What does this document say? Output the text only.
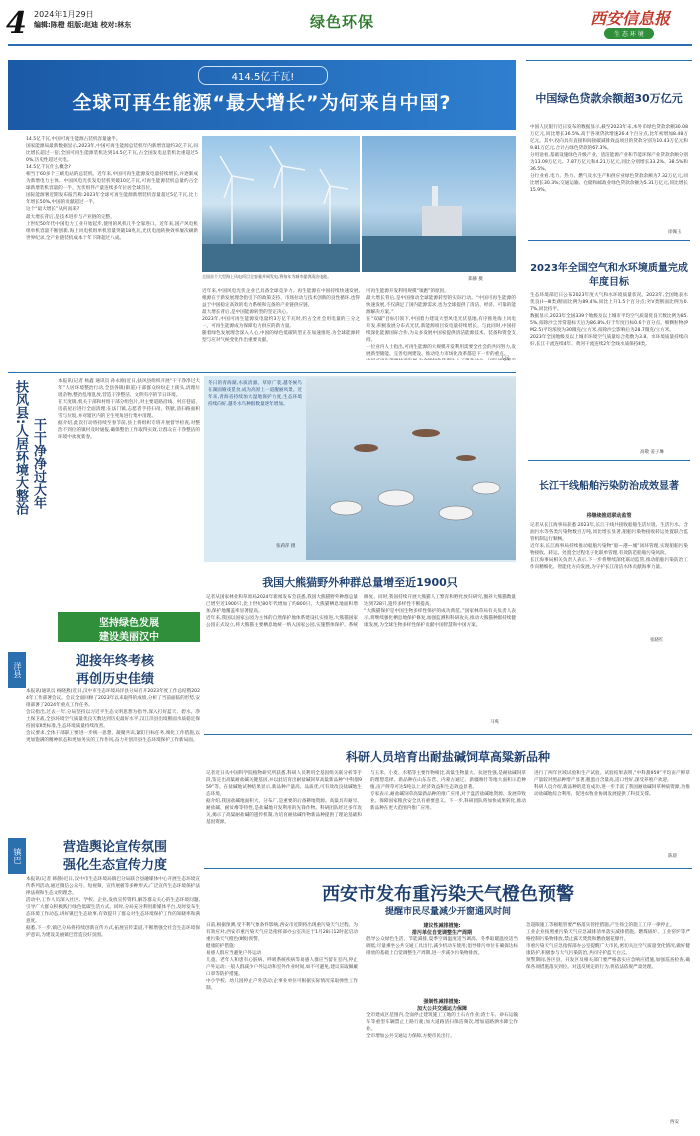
4 2024年1月29日
编辑:陈橙 组版:赵迪 校对:林东	绿色环保	西安信息报
生 态 环 境
414.5亿千瓦!
全球可再生能源“最大增长”为何来自中国?
14.5亿千瓦,中国可再生能源占装机容量逾半。
国家能源局最新数据显示,2023年,中国可再生能源总装机年内新增容量约3亿千瓦,同比增长超过一倍;全国可再生能源装机达到14.5亿千瓦,占全国发电总装机比重超过50%,历史性超过火电。
14.5亿千瓦什么概念?
相当于60多个三峡电站的总装机。近年来,中国可再生能源发电量持续增长,并逐渐成为新增电力主体。中国风电光伏发电装机突破10亿千瓦,可再生能源装机总量约占全球新增装机容量的一半。光伏组件产量连续多年位居全球首位。
国际能源署近期发布报告称:2023年全球可再生能源新增装机容量超过5亿千瓦,比上年增长50%,中国的贡献超过一半。
这个“最大增长”从何而来?
最大增长背后,是技术进步与产业链的完整。
上世纪50年代中国电力工业开始起步,使用的风机几乎全靠进口。近年来,国产风电机组单机容量不断创新,海上风电机组单机容量突破18兆瓦,光伏电池转换效率屡次刷新世界纪录,全产业链装机成本十年下降超过八成。
全国首个大型海上风电项目全容量并网发电,将每年为城市提供清洁电能。
郑赫 摄
近年来,中国风电光伏企业已具备全球竞争力。再生能源在中国持续快速发展,根源在于新发展理念指引下的政策支持、市场拉动与技术创新的良性循环,也得益于中国稳定高效的电力系统和完备的产业链供应链。
最大增长背后,是中国能源转型的坚定决心。
2023年,中国可再生能源发电量约3万亿千瓦时,约占全社会用电量的三分之一。可再生能源成为保障电力供应的新力量。
随着绿色发展理念深入人心,中国的绿色低碳转型正在加速推进,为全球能源转型与应对气候变化作出重要贡献。
可再生能源开发利用规模“领跑”的原因。
最大增长背后,是中国推动全球能源转型的实际行动。“中国可再生能源的快速发展,不仅满足了国内能源需求,也为全球提供了清洁、经济、可靠的能源解决方案。”
在“双碳”目标引领下,中国着力建设大型风电光伏基地,有序推进海上风电开发,积极发展分布式光伏,新能源项目发电量持续增长。与此同时,中国持续深化能源国际合作,为众多发展中国家提供清洁能源技术、装备和资金支持。
一位业内人士指出,可再生能源的大规模开发利用需要全社会的共同努力,发展新型储能、完善电网建设、推动电力市场化改革都是下一步的重点。

人民
中国绿色贷款余额超30万亿元
中国人民银行近日发布的数据显示,截至2023年末,本外币绿色贷款余额30.08万亿元,同比增长36.5%,高于各项贷款增速26.4个百分点,比年初增加8.48万亿元。其中,投向具有直接和间接碳减排效益项目的贷款分别为10.43万亿元和9.81万亿元,合计占绿色贷款的67.3%。
分用途看,基础设施绿色升级产业、清洁能源产业和节能环保产业贷款余额分别为13.09万亿元、7.87万亿元和4.21万亿元,同比分别增长33.2%、38.5%和36.5%。
分行业看,电力、热力、燃气及水生产和供应业绿色贷款余额为7.32万亿元,同比增长30.3%;交通运输、仓储和邮政业绿色贷款余额为5.31万亿元,同比增长15.9%。
徐佩玉
2023年全国空气和水环境质量完成年度目标
生态环境部近日公布2023年度大气和水环境质量状况。2023年,全国地表水优良(Ⅰ—Ⅲ类)断面比例为89.4%,同比上升1.5个百分点;劣Ⅴ类断面比例为0.7%,同比持平。
数据显示,2023年全国339个地级及以上城市平均空气质量优良天数比例为85.5%,扣除沙尘异常超标天后为86.8%,好于年度目标0.6个百分点。细颗粒物(PM2.5)平均浓度为30微克/立方米,扣除沙尘影响后为28.7微克/立方米。
2023年全国地级及以上城市环境空气质量综合指数为3.8。水环境质量持续向好,长江干流连续4年、黄河干流连续2年全线水质保持Ⅱ类。
高敬 姜子琳
长江干线船舶污染防治成效显著
将继续推进联动监管
记者从长江海事局获悉:2023年,长江干线共接收船舶生活垃圾、生活污水、含油污水等各类污染物数百万吨,同比增长显著,船舶污染物接收转运处置联合监管机制运行顺畅。
近年来,长江海事局持续推动船舶污染物“船—港—城”闭环管理,实现船舶污染物接收、转运、处置全过程电子化联单管理,有效防范船舶污染风险。
长江海事局相关负责人表示,下一步将继续深化联动监管,推动船舶污染防治工作向精细化、智能化方向发展,为守护长江清洁水体贡献海事力量。
张晓红
扶风县:人居环境大整治 干干净净过大年
本报讯(记者 杨鑫 通讯员 孙永刚)近日,扶风县组织开展“干干净净过大年”人居环境整治行动,全县各镇(街道)干部群众纷纷走上街头,清理垃圾杂物,整治乱堆乱放,营造干净整洁、文明有序的节日环境。
在天度镇,机关干部和村组干部分组包片,对主要道路沿线、村庄巷道、房前屋后进行全面清理;在法门镇,志愿者手持扫帚、铁锨,清扫路面积雪与垃圾,并对辖区内的卫生死角进行集中清理。
据介绍,此次行动将持续至春节前,县上将组织专班开展督导检查,对整治不到位的镇村及时通报,确保整治工作取得实效,让群众在干净整洁的环境中欢度新春。
冬日的青海湖,水质清澈、草原广袤,越冬候鸟在湖面嬉戏觅食,成为高原上一道靓丽风景。近年来,青海省持续加大湿地保护力度,生态环境持续向好,越冬水鸟种群数量逐年增加。
张莉萍 摄
我国大熊猫野外种群总量增至近1900只
记者从国家林业和草原局2024年新闻发布会获悉,我国大熊猫野外种群总量已增至近1900只,比上世纪80年代增加了约800只。大熊猫栖息地面积增加,保护地覆盖率显著提高。
近年来,我国以国家公园为主体的自然保护地体系建设扎实推进,大熊猫国家公园正式设立,将大熊猫主要栖息地统一纳入国家公园,实施整体保护、系统修复。同时,我国持续开展大熊猫人工繁育和野化放归研究,圈养大熊猫数量达到728只,遗传多样性不断提高。
“大熊猫保护是中国生物多样性保护的成功典范。”国家林草局有关负责人表示,将继续强化栖息地保护修复,加强监测和科研攻关,推动大熊猫种群持续健康发展,为全球生物多样性保护贡献中国智慧和中国方案。
马爽
坚持绿色发展
建设美丽汉中
洋县
迎接年终考核
再创历史佳绩
本报讯(通讯员 杨晓燕)近日,汉中市生态环境局洋县分局召开2023年度工作总结暨2024年工作部署会议。会议全面回顾了2023年以来取得的成绩,分析了当前面临的形势,安排部署了2024年重点工作任务。
会议指出,过去一年,分局坚持以习近平生态文明思想为指导,深入打好蓝天、碧水、净土保卫战,全县环境空气质量优良天数达到历史最好水平,汉江洋县出境断面水质稳定保持国家Ⅱ类标准,生态环境质量持续改善。
会议要求,全体干部职工要进一步统一思想、凝聚共识,紧盯目标任务,细化工作措施,以更加饱满的精神状态和更加务实的工作作风,奋力开创洋县生态环境保护工作新局面。
镇巴
营造舆论宣传氛围
强化生态宣传力度
本报讯(记者 韩静)近日,汉中市生态环境局镇巴分局联合县融媒体中心开展生态环境宣传系列活动,通过微信公众号、短视频、宣传展板等多种形式,广泛宣传生态环境保护法律法规和生态文明理念。
活动中,工作人员深入社区、学校、企业,发放宣传资料,解答群众关心的生态环境问题,引导广大群众积极践行绿色低碳生活方式。同时,分局充分利用新媒体平台,及时发布生态环境工作动态,讲好镇巴生态故事,有效提升了群众对生态环境保护工作的知晓率和满意度。
据悉,下一步,镇巴分局将持续创新宣传方式,拓展宣传渠道,不断增强全社会生态环境保护意识,为建设美丽镇巴营造良好氛围。
科研人员培育出耐盐碱饲草高粱新品种
记者近日从中国科学院植物研究所获悉,科研人员利用全基因组关联分析等手段,鉴定出高粱耐盐碱关键基因,并以此培育出耐盐碱饲草高粱新品种“中科甜959”等。在盐碱地试种结果显示,新品种产量高、品质优,可有效改良盐碱地生态环境。
据介绍,我国盐碱地面积大、分布广,是重要的后备耕地资源。高粱具有耐旱、耐盐碱、耐贫瘠等特性,是盐碱地开发利用的先锋作物。科研团队经过多年攻关,揭示了高粱耐盐碱的遗传机制,为培育耐盐碱作物新品种提供了理论基础和基因资源。
与玉米、小麦、水稻等主要作物相比,高粱生物量大、抗逆性强,是耐盐碱饲草的理想选择。新品种在山东东营、内蒙古通辽、新疆喀什等地大面积示范种植,亩产鲜草可达5吨以上,经济效益和生态效益显著。
专家表示,耐盐碱饲草高粱新品种的推广应用,对于盘活盐碱地资源、发展草牧业、保障国家粮食安全具有重要意义。下一步,科研团队将加快成果转化,推动新品种在更大范围内推广应用。
进行了两年区域试验和生产试验。试验结果表明,“中科甜959”平均亩产鲜草产量较对照品种增产显著,粗蛋白含量高,适口性好,深受养殖户欢迎。
科研人员介绍,新品种的选育成功,进一步丰富了我国耐盐碱饲草种质资源,为推动盐碱地综合利用、促进农牧业协调发展提供了科技支撑。
陈晨
西安市发布重污染天气橙色预警
提醒市民尽量减少开窗通风时间
日前,根据预测,受不利气象条件影响,西安市近期将出现重污染天气过程。为有效应对,西安市重污染天气应急指挥部办公室决定于1月28日12时起启动重污染天气橙色(Ⅱ级)预警。
健康防护措施:
易感人群应当避免户外运动
儿童、老年人和患有心脏病、呼吸系统疾病等易感人群应当留在室内,停止户外运动;一般人群减少户外运动和室外作业时间,如不可避免,建议采取佩戴口罩等防护措施。
中小学校、幼儿园停止户外活动;企事业单位可根据实际情况采取弹性工作制。
建议性减排措施:
排污单位自觉调整生产周期
倡导公众绿色生活、节能减排,夏季空调温度适当调高、冬季取暖温度适当调低;尽量乘坐公共交通工具出行,减少机动车使用;倡导排污单位在确保达标排放的基础上自觉调整生产周期,进一步减少污染物排放。
强制性减排措施:
加大公共交通运力保障
全市建成区范围内,全面停止建筑施工工地的土石方作业;渣土车、砂石运输车等重型车辆禁止上路行驶;加大道路清扫保洁频次,增加道路洒水降尘作业。
全市增加公共交通运力保障,方便市民出行。
急超限施工等极粗管要严格落实管控措施,产生扬尘的施工工序一律停止。
工业企业按照重污染天气应急减排清单落实减排措施。燃煤锅炉、工业窑炉等严格控制污染物排放,禁止露天焚烧和燃放烟花爆竹。
市重污染天气应急指挥部办公室提醒广大市民,密切关注空气质量变化情况,做好健康防护,积极参与大气污染防治,共同守护蓝天白云。
预警期间,各区县、开发区及相关部门要严格落实应急响应措施,加强巡查检查,确保各项措施落实到位。对违反规定的行为,将依法依规严肃处理。
西安
